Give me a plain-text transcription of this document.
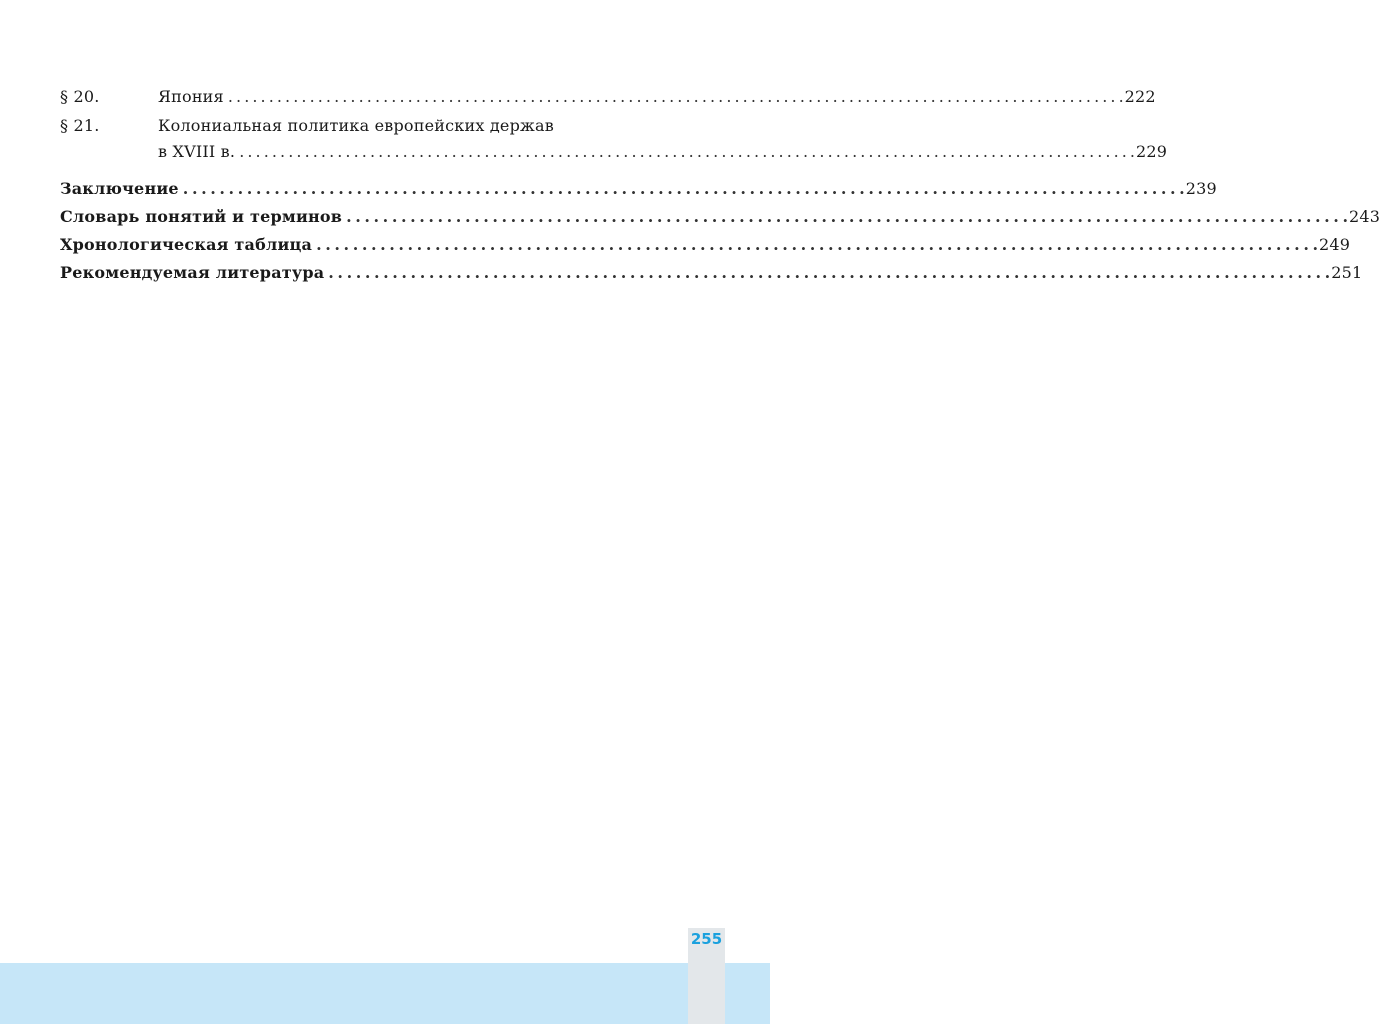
§ 20.	Япония . . .	222
§ 21.	Колониальная политика европейских держав
в XVIII в. . . .	229
Заключение . . .	239
Словарь понятий и терминов . . .	243
Хронологическая таблица . . .	249
Рекомендуемая литература . . .	251
255
